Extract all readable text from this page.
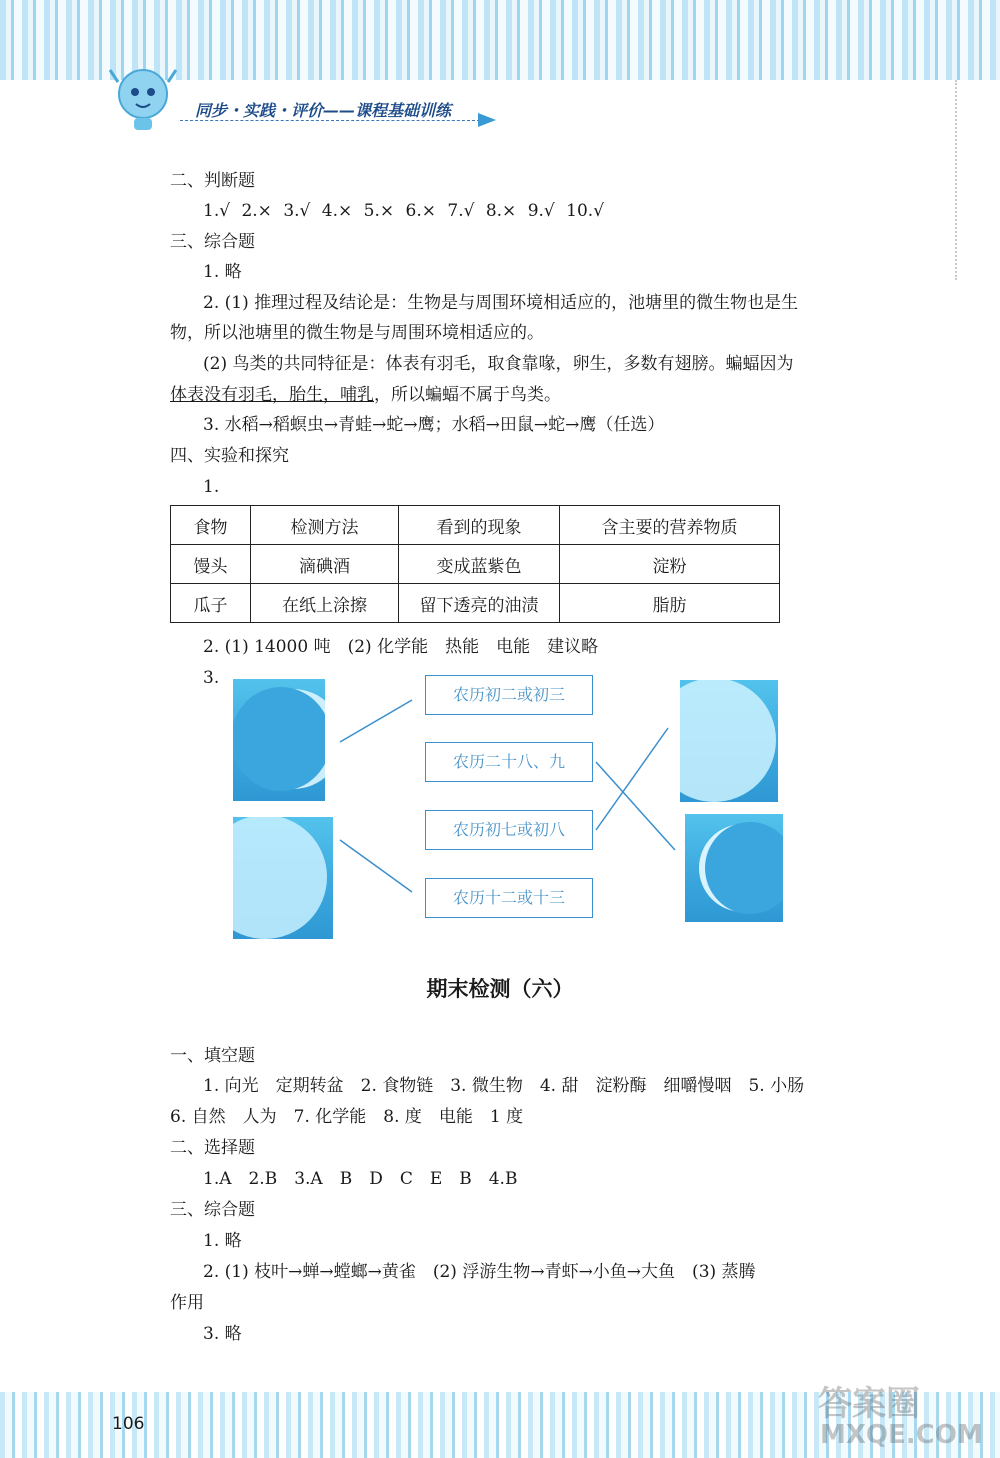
同步・实践・评价——课程基础训练
二、判断题
1.√ 2.× 3.√ 4.× 5.× 6.× 7.√ 8.× 9.√ 10.√
三、综合题
1. 略
2. (1) 推理过程及结论是：生物是与周围环境相适应的，池塘里的微生物也是生
物，所以池塘里的微生物是与周围环境相适应的。
(2) 鸟类的共同特征是：体表有羽毛，取食靠喙，卵生，多数有翅膀。蝙蝠因为
体表没有羽毛，胎生，哺乳，所以蝙蝠不属于鸟类。
3. 水稻→稻螟虫→青蛙→蛇→鹰；水稻→田鼠→蛇→鹰（任选）
四、实验和探究
1.
食物	检测方法	看到的现象	含主要的营养物质
馒头	滴碘酒	变成蓝紫色	淀粉
瓜子	在纸上涂擦	留下透亮的油渍	脂肪
2. (1) 14000 吨　(2) 化学能　热能　电能　建议略
3.
农历初二或初三
农历二十八、九
农历初七或初八
农历十二或十三
期末检测（六）
一、填空题
1. 向光　定期转盆　2. 食物链　3. 微生物　4. 甜　淀粉酶　细嚼慢咽　5. 小肠
6. 自然　人为　7. 化学能　8. 度　电能　1 度
二、选择题
1.A　2.B　3.A　B　D　C　E　B　4.B
三、综合题
1. 略
2. (1) 枝叶→蝉→螳螂→黄雀　(2) 浮游生物→青虾→小鱼→大鱼　(3) 蒸腾
作用
3. 略
106	答案圈
MXQE.COM
